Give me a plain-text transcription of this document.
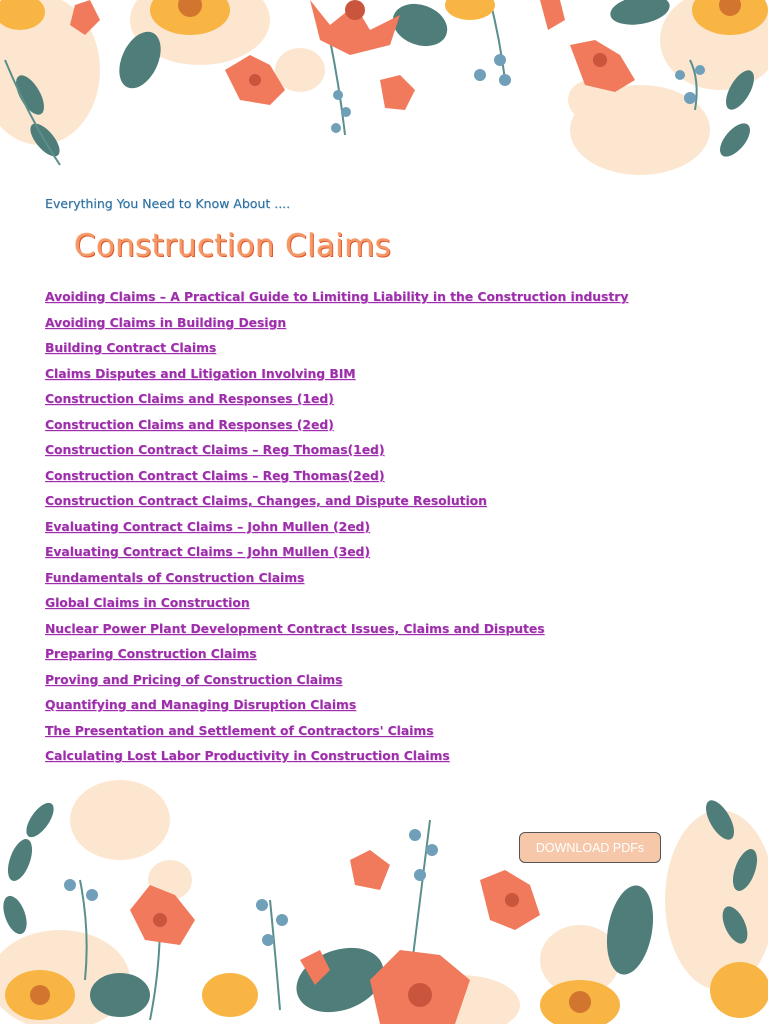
Everything You Need to Know About ....

Construction Claims
Avoiding Claims – A Practical Guide to Limiting Liability in the Construction industry
Avoiding Claims in Building Design
Building Contract Claims
Claims Disputes and Litigation Involving BIM
Construction Claims and Responses (1ed)
Construction Claims and Responses (2ed)
Construction Contract Claims – Reg Thomas(1ed)
Construction Contract Claims – Reg Thomas(2ed)
Construction Contract Claims, Changes, and Dispute Resolution
Evaluating Contract Claims – John Mullen (2ed)
Evaluating Contract Claims – John Mullen (3ed)
Fundamentals of Construction Claims
Global Claims in Construction
Nuclear Power Plant Development Contract Issues, Claims and Disputes
Preparing Construction Claims
Proving and Pricing of Construction Claims
Quantifying and Managing Disruption Claims
The Presentation and Settlement of Contractors' Claims
Calculating Lost Labor Productivity in Construction Claims
DOWNLOAD PDFs
